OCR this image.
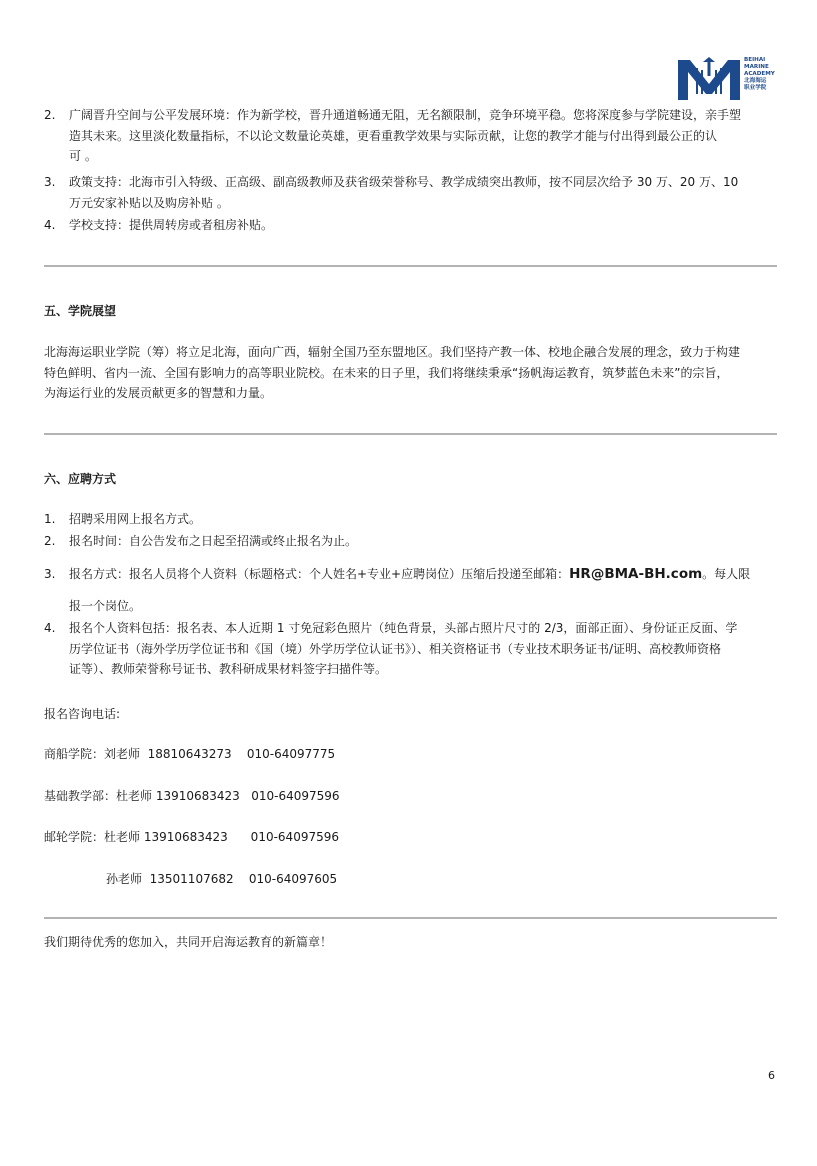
BEIHAI
MARINE
ACADEMY
北海海运
职业学院
2. 广阔晋升空间与公平发展环境：作为新学校，晋升通道畅通无阻，无名额限制，竞争环境平稳。您将深度参与学院建设，亲手塑
造其未来。这里淡化数量指标，不以论文数量论英雄，更看重教学效果与实际贡献，让您的教学才能与付出得到最公正的认
可 。
3. 政策支持：北海市引入特级、正高级、副高级教师及获省级荣誉称号、教学成绩突出教师，按不同层次给予 30 万、20 万、10
万元安家补贴以及购房补贴 。
4. 学校支持：提供周转房或者租房补贴。
五、学院展望
北海海运职业学院（筹）将立足北海，面向广西，辐射全国乃至东盟地区。我们坚持产教一体、校地企融合发展的理念，致力于构建
特色鲜明、省内一流、全国有影响力的高等职业院校。在未来的日子里，我们将继续秉承“扬帆海运教育，筑梦蓝色未来”的宗旨，
为海运行业的发展贡献更多的智慧和力量。
六、应聘方式
1. 招聘采用网上报名方式。
2. 报名时间：自公告发布之日起至招满或终止报名为止。
3. 报名方式：报名人员将个人资料（标题格式：个人姓名+专业+应聘岗位）压缩后投递至邮箱：HR@BMA-BH.com。每人限
报一个岗位。
4. 报名个人资料包括：报名表、本人近期 1 寸免冠彩色照片（纯色背景，头部占照片尺寸的 2/3，面部正面）、身份证正反面、学
历学位证书（海外学历学位证书和《国（境）外学历学位认证书》）、相关资格证书（专业技术职务证书/证明、高校教师资格
证等）、教师荣誉称号证书、教科研成果材料签字扫描件等。
报名咨询电话:
商船学院：刘老师  18810643273    010-64097775
基础教学部：杜老师 13910683423   010-64097596
邮轮学院：杜老师 13910683423      010-64097596
孙老师  13501107682    010-64097605
我们期待优秀的您加入，共同开启海运教育的新篇章！
6
